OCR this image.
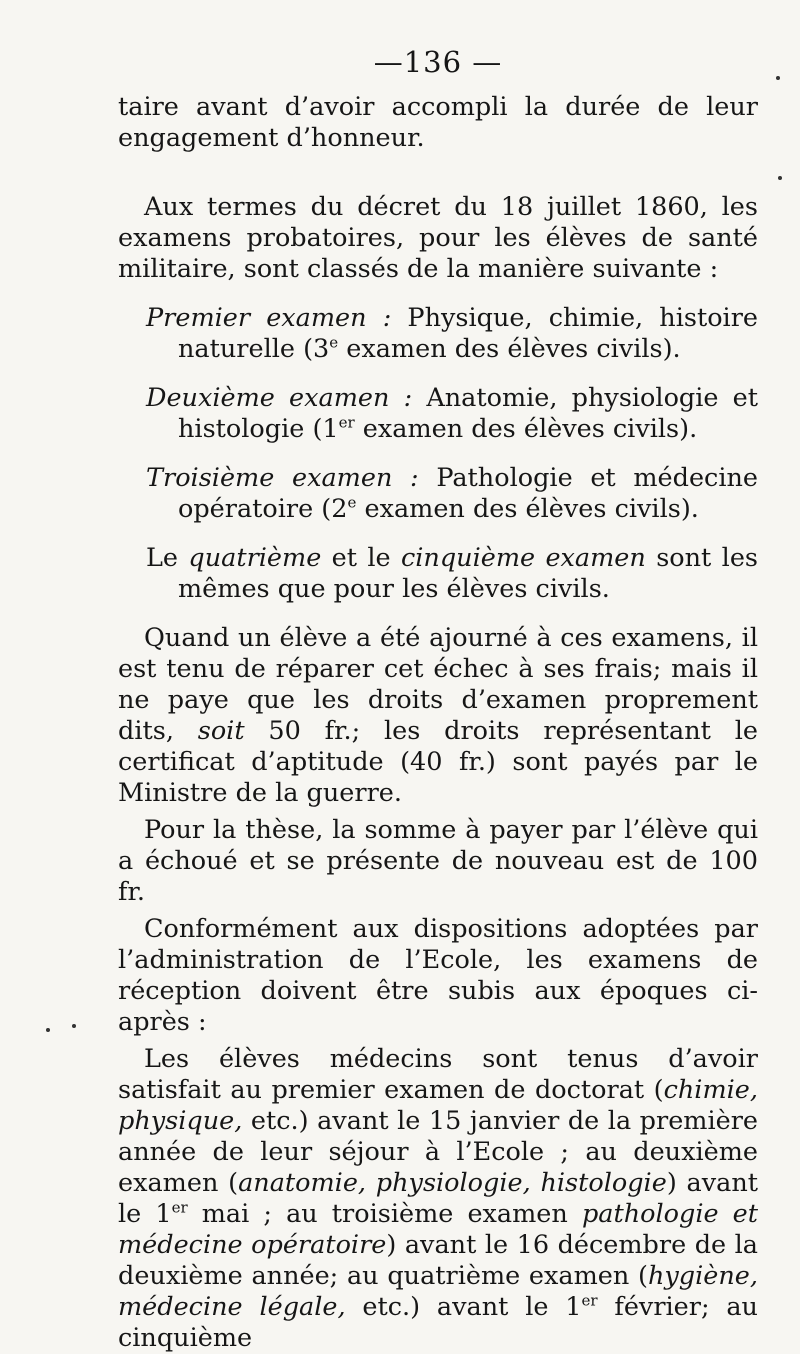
—136 —

taire avant d’avoir accompli la durée de leur engagement d’honneur.

Aux termes du décret du 18 juillet 1860, les examens probatoires, pour les élèves de santé militaire, sont classés de la manière suivante :

Premier examen : Physique, chimie, histoire naturelle (3e examen des élèves civils).

Deuxième examen : Anatomie, physiologie et histologie (1er examen des élèves civils).

Troisième examen : Pathologie et médecine opératoire (2e examen des élèves civils).

Le quatrième et le cinquième examen sont les mêmes que pour les élèves civils.

Quand un élève a été ajourné à ces examens, il est tenu de réparer cet échec à ses frais; mais il ne paye que les droits d’examen proprement dits, soit 50 fr.; les droits représentant le certificat d’aptitude (40 fr.) sont payés par le Ministre de la guerre.

Pour la thèse, la somme à payer par l’élève qui a échoué et se présente de nouveau est de 100 fr.

Conformément aux dispositions adoptées par l’administration de l’Ecole, les examens de réception doivent être subis aux époques ci-après :

Les élèves médecins sont tenus d’avoir satisfait au premier examen de doctorat (chimie, physique, etc.) avant le 15 janvier de la première année de leur séjour à l’Ecole ; au deuxième examen (anatomie, physiologie, histologie) avant le 1er mai ; au troisième examen pathologie et médecine opératoire) avant le 16 décembre de la deuxième année; au quatrième examen (hygiène, médecine légale, etc.) avant le 1er février; au cinquième
